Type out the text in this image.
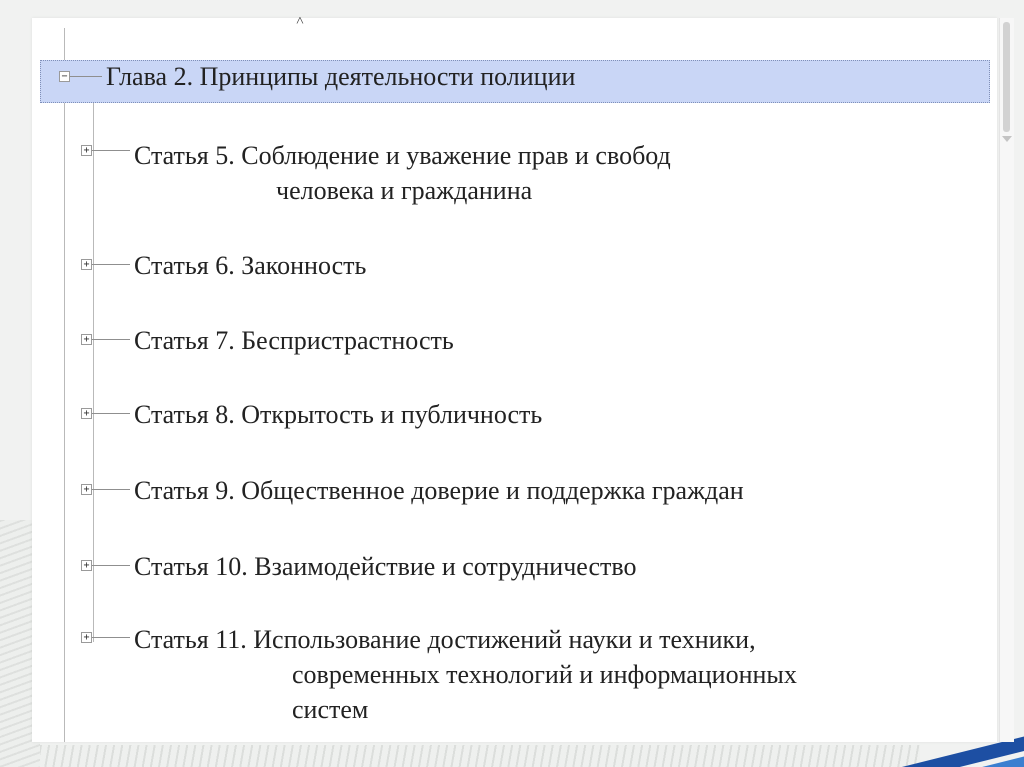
˄
− Глава 2. Принципы деятельности полиции
+ Статья 5. Соблюдение и уважение прав и свобод
человека и гражданина
+ Статья 6. Законность
+ Статья 7. Беспристрастность
+ Статья 8. Открытость и публичность
+ Статья 9. Общественное доверие и поддержка граждан
+ Статья 10. Взаимодействие и сотрудничество
+ Статья 11. Использование достижений науки и техники,
современных технологий и информационных
систем
